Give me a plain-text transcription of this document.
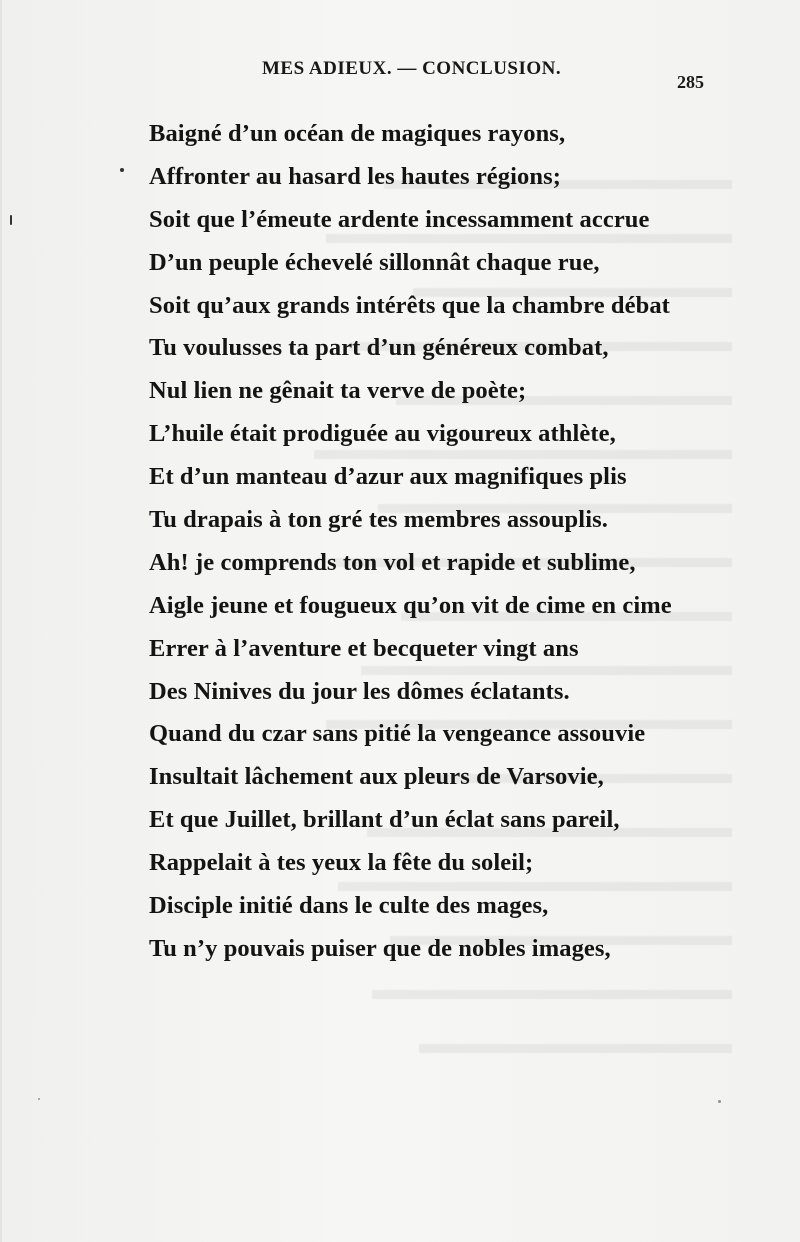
MES ADIEUX. — CONCLUSION.
285
Baigné d’un océan de magiques rayons,
Affronter au hasard les hautes régions;
Soit que l’émeute ardente incessamment accrue
D’un peuple échevelé sillonnât chaque rue,
Soit qu’aux grands intérêts que la chambre débat
Tu voulusses ta part d’un généreux combat,
Nul lien ne gênait ta verve de poète;
L’huile était prodiguée au vigoureux athlète,
Et d’un manteau d’azur aux magnifiques plis
Tu drapais à ton gré tes membres assouplis.
Ah! je comprends ton vol et rapide et sublime,
Aigle jeune et fougueux qu’on vit de cime en cime
Errer à l’aventure et becqueter vingt ans
Des Ninives du jour les dômes éclatants.
Quand du czar sans pitié la vengeance assouvie
Insultait lâchement aux pleurs de Varsovie,
Et que Juillet, brillant d’un éclat sans pareil,
Rappelait à tes yeux la fête du soleil;
Disciple initié dans le culte des mages,
Tu n’y pouvais puiser que de nobles images,
